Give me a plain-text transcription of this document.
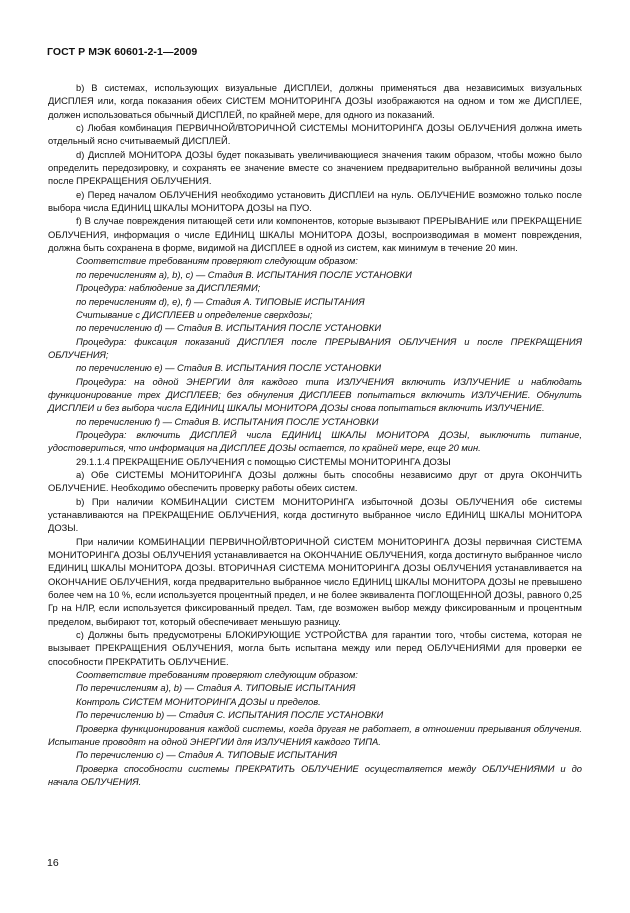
ГОСТ Р МЭК 60601-2-1—2009

b) В системах, использующих визуальные ДИСПЛЕИ, должны применяться два независимых визуальных ДИСПЛЕЯ или, когда показания обеих СИСТЕМ МОНИТОРИНГА ДОЗЫ изображаются на одном и том же ДИСПЛЕЕ, должен использоваться обычный ДИСПЛЕЙ, по крайней мере, для одного из показаний.

c) Любая комбинация ПЕРВИЧНОЙ/ВТОРИЧНОЙ СИСТЕМЫ МОНИТОРИНГА ДОЗЫ ОБЛУЧЕНИЯ должна иметь отдельный ясно считываемый ДИСПЛЕЙ.

d) Дисплей МОНИТОРА ДОЗЫ будет показывать увеличивающиеся значения таким образом, чтобы можно было определить передозировку, и сохранять ее значение вместе со значением предварительно выбранной величины дозы после ПРЕКРАЩЕНИЯ ОБЛУЧЕНИЯ.

e) Перед началом ОБЛУЧЕНИЯ необходимо установить ДИСПЛЕИ на нуль. ОБЛУЧЕНИЕ возможно только после выбора числа ЕДИНИЦ ШКАЛЫ МОНИТОРА ДОЗЫ на ПУО.

f) В случае повреждения питающей сети или компонентов, которые вызывают ПРЕРЫВАНИЕ или ПРЕКРАЩЕНИЕ ОБЛУЧЕНИЯ, информация о числе ЕДИНИЦ ШКАЛЫ МОНИТОРА ДОЗЫ, воспроизводимая в момент повреждения, должна быть сохранена в форме, видимой на ДИСПЛЕЕ в одной из систем, как минимум в течение 20 мин.

Соответствие требованиям проверяют следующим образом:

по перечислениям a), b), c) — Стадия В. ИСПЫТАНИЯ ПОСЛЕ УСТАНОВКИ

Процедура: наблюдение за ДИСПЛЕЯМИ;

по перечислениям d), e), f) — Стадия А. ТИПОВЫЕ ИСПЫТАНИЯ

Считывание с ДИСПЛЕЕВ и определение сверхдозы;

по перечислению d) — Стадия В. ИСПЫТАНИЯ ПОСЛЕ УСТАНОВКИ

Процедура: фиксация показаний ДИСПЛЕЯ после ПРЕРЫВАНИЯ ОБЛУЧЕНИЯ и после ПРЕКРАЩЕНИЯ ОБЛУЧЕНИЯ;

по перечислению e) — Стадия В. ИСПЫТАНИЯ ПОСЛЕ УСТАНОВКИ

Процедура: на одной ЭНЕРГИИ для каждого типа ИЗЛУЧЕНИЯ включить ИЗЛУЧЕНИЕ и наблюдать функционирование трех ДИСПЛЕЕВ; без обнуления ДИСПЛЕЕВ попытаться включить ИЗЛУЧЕНИЕ. Обнулить ДИСПЛЕИ и без выбора числа ЕДИНИЦ ШКАЛЫ МОНИТОРА ДОЗЫ снова попытаться включить ИЗЛУЧЕНИЕ.

по перечислению f) — Стадия В. ИСПЫТАНИЯ ПОСЛЕ УСТАНОВКИ

Процедура: включить ДИСПЛЕЙ числа ЕДИНИЦ ШКАЛЫ МОНИТОРА ДОЗЫ, выключить питание, удостовериться, что информация на ДИСПЛЕЕ ДОЗЫ остается, по крайней мере, еще 20 мин.

29.1.1.4 ПРЕКРАЩЕНИЕ ОБЛУЧЕНИЯ с помощью СИСТЕМЫ МОНИТОРИНГА ДОЗЫ

a) Обе СИСТЕМЫ МОНИТОРИНГА ДОЗЫ должны быть способны независимо друг от друга ОКОНЧИТЬ ОБЛУЧЕНИЕ. Необходимо обеспечить проверку работы обеих систем.

b) При наличии КОМБИНАЦИИ СИСТЕМ МОНИТОРИНГА избыточной ДОЗЫ ОБЛУЧЕНИЯ обе системы устанавливаются на ПРЕКРАЩЕНИЕ ОБЛУЧЕНИЯ, когда достигнуто выбранное число ЕДИНИЦ ШКАЛЫ МОНИТОРА ДОЗЫ.

При наличии КОМБИНАЦИИ ПЕРВИЧНОЙ/ВТОРИЧНОЙ СИСТЕМ МОНИТОРИНГА ДОЗЫ первичная СИСТЕМА МОНИТОРИНГА ДОЗЫ ОБЛУЧЕНИЯ устанавливается на ОКОНЧАНИЕ ОБЛУЧЕНИЯ, когда достигнуто выбранное число ЕДИНИЦ ШКАЛЫ МОНИТОРА ДОЗЫ. ВТОРИЧНАЯ СИСТЕМА МОНИТОРИНГА ДОЗЫ ОБЛУЧЕНИЯ устанавливается на ОКОНЧАНИЕ ОБЛУЧЕНИЯ, когда предварительно выбранное число ЕДИНИЦ ШКАЛЫ МОНИТОРА ДОЗЫ не превышено более чем на 10 %, если используется процентный предел, и не более эквивалента ПОГЛОЩЕННОЙ ДОЗЫ, равного 0,25 Гр на НЛР, если используется фиксированный предел. Там, где возможен выбор между фиксированным и процентным пределом, выбирают тот, который обеспечивает меньшую разницу.

c) Должны быть предусмотрены БЛОКИРУЮЩИЕ УСТРОЙСТВА для гарантии того, чтобы система, которая не вызывает ПРЕКРАЩЕНИЯ ОБЛУЧЕНИЯ, могла быть испытана между или перед ОБЛУЧЕНИЯМИ для проверки ее способности ПРЕКРАТИТЬ ОБЛУЧЕНИЕ.

Соответствие требованиям проверяют следующим образом:

По перечислениям a), b) — Стадия А. ТИПОВЫЕ ИСПЫТАНИЯ

Контроль СИСТЕМ МОНИТОРИНГА ДОЗЫ и пределов.

По перечислению b) — Стадия С. ИСПЫТАНИЯ ПОСЛЕ УСТАНОВКИ

Проверка функционирования каждой системы, когда другая не работает, в отношении прерывания облучения. Испытание проводят на одной ЭНЕРГИИ для ИЗЛУЧЕНИЯ каждого ТИПА.

По перечислению c) — Стадия А. ТИПОВЫЕ ИСПЫТАНИЯ

Проверка способности системы ПРЕКРАТИТЬ ОБЛУЧЕНИЕ осуществляется между ОБЛУЧЕНИЯМИ и до начала ОБЛУЧЕНИЯ.

16
